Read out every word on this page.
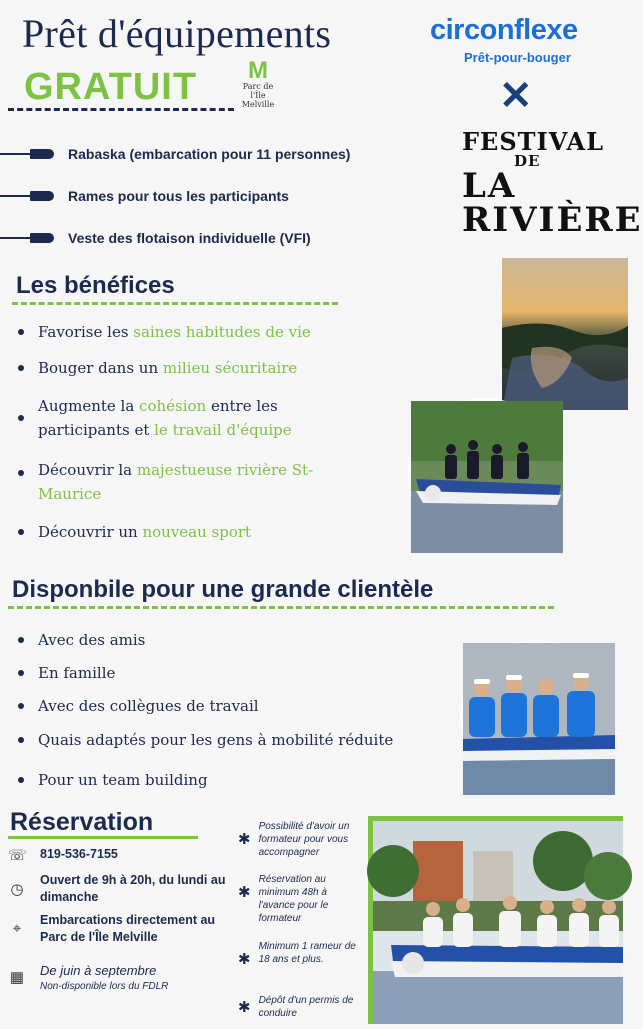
Prêt d'équipements
GRATUIT	M
Parc de l'Île Melville
circonflexe
Prêt-pour-bouger
✕
FESTIVAL
DE
LA RIVIÈRE
Rabaska (embarcation pour 11 personnes)
Rames pour tous les participants
Veste des flotaison individuelle (VFI)
Les bénéfices
Favorise les saines habitudes de vie
Bouger dans un milieu sécuritaire
Augmente la cohésion entre les participants et le travail d'équipe
Découvrir la majestueuse rivière St-Maurice
Découvrir un nouveau sport
Disponbile pour une grande clientèle
Avec des amis
En famille
Avec des collègues de travail
Quais adaptés pour les gens à mobilité réduite
Pour un team building
Réservation
☏ 819-536-7155
◷
Ouvert de 9h à 20h, du lundi au dimanche
⌖	Embarcations directement au Parc de l'Île Melville
▦ De juin à septembre
Non-disponible lors du FDLR
✱
Possibilité d'avoir un formateur pour vous accompagner
✱
Réservation au minimum 48h à l'avance pour le formateur
✱
Minimum 1 rameur de 18 ans et plus.
✱ Dépôt d'un permis de conduire
